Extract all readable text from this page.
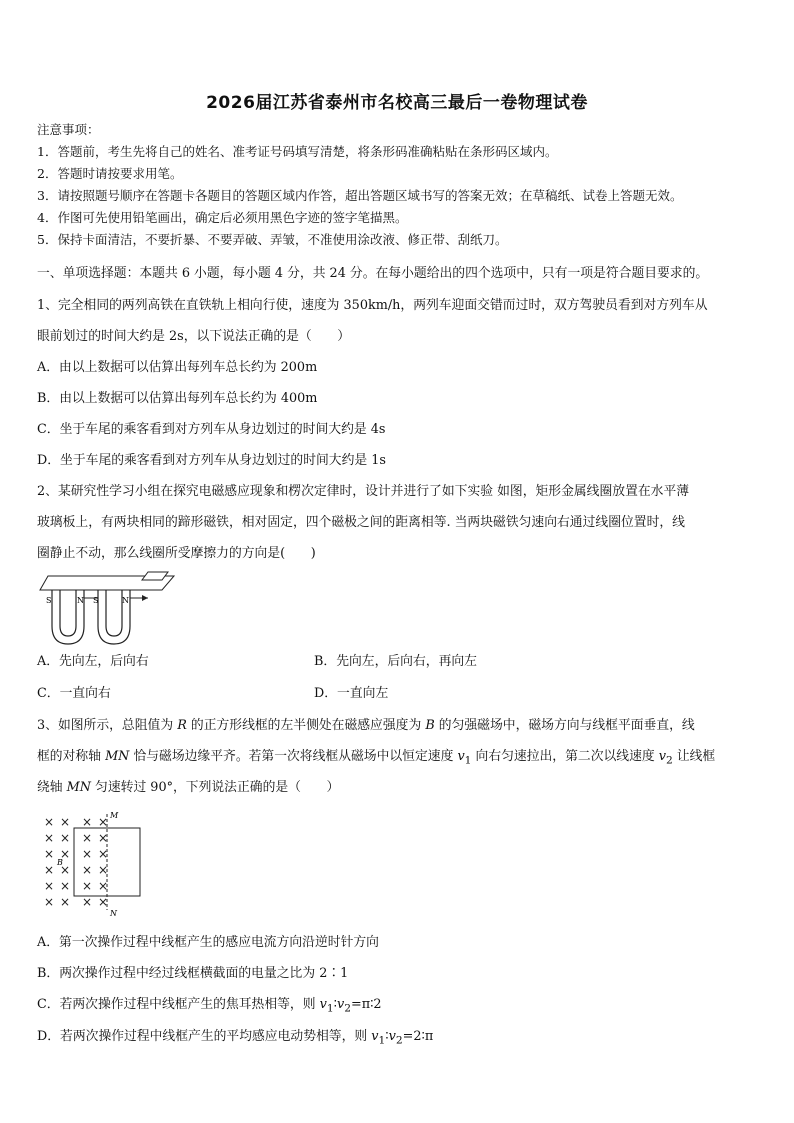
2026届江苏省泰州市名校高三最后一卷物理试卷
注意事项：
1．答题前，考生先将自己的姓名、准考证号码填写清楚，将条形码准确粘贴在条形码区域内。
2．答题时请按要求用笔。
3．请按照题号顺序在答题卡各题目的答题区域内作答，超出答题区域书写的答案无效；在草稿纸、试卷上答题无效。
4．作图可先使用铅笔画出，确定后必须用黑色字迹的签字笔描黑。
5．保持卡面清洁，不要折暴、不要弄破、弄皱，不准使用涂改液、修正带、刮纸刀。
一、单项选择题：本题共 6 小题，每小题 4 分，共 24 分。在每小题给出的四个选项中，只有一项是符合题目要求的。
1、完全相同的两列高铁在直铁轨上相向行使，速度为 350km/h，两列车迎面交错而过时，双方驾驶员看到对方列车从
眼前划过的时间大约是 2s，以下说法正确的是（　　）
A．由以上数据可以估算出每列车总长约为 200m
B．由以上数据可以估算出每列车总长约为 400m
C．坐于车尾的乘客看到对方列车从身边划过的时间大约是 4s
D．坐于车尾的乘客看到对方列车从身边划过的时间大约是 1s
2、某研究性学习小组在探究电磁感应现象和楞次定律时，设计并进行了如下实验 如图，矩形金属线圈放置在水平薄
玻璃板上，有两块相同的蹄形磁铁，相对固定，四个磁极之间的距离相等. 当两块磁铁匀速向右通过线圈位置时，线
圈静止不动，那么线圈所受摩擦力的方向是(　　)
S	N S	N
A．先向左，后向右	B．先向左，后向右，再向左
C．一直向右	D．一直向左
3、如图所示，总阻值为 R 的正方形线框的左半侧处在磁感应强度为 B 的匀强磁场中，磁场方向与线框平面垂直，线
框的对称轴 MN 恰与磁场边缘平齐。若第一次将线框从磁场中以恒定速度 $v_1$ 向右匀速拉出，第二次以线速度 $v_2$ 让线框
绕轴 MN 匀速转过 90°，下列说法正确的是（　　）
× × × ×
× × × ×
× × × ×
× × × ×
× × × ×
× × × ×
M
N
B
A．第一次操作过程中线框产生的感应电流方向沿逆时针方向
B．两次操作过程中经过线框横截面的电量之比为 2∶1
C．若两次操作过程中线框产生的焦耳热相等，则 $v_1∶v_2=\pi∶2$
D．若两次操作过程中线框产生的平均感应电动势相等，则 $v_1∶v_2=2∶\pi$
